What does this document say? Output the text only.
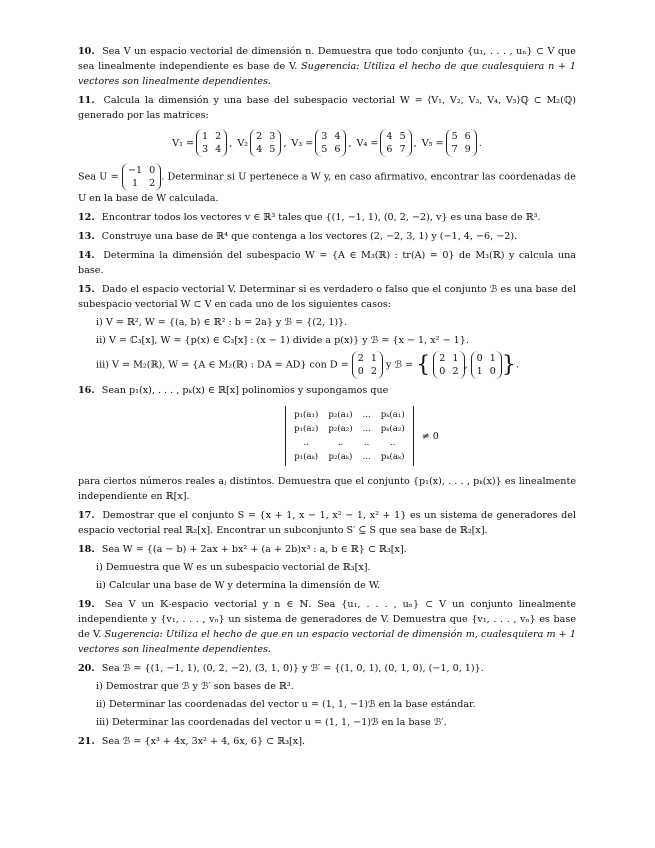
10. Sea V un espacio vectorial de dimensión n. Demuestra que todo conjunto {u₁, . . . , uₙ} ⊂ V que sea linealmente independiente es base de V. Sugerencia: Utiliza el hecho de que cualesquiera n + 1 vectores son linealmente dependientes.

11. Calcula la dimensión y una base del subespacio vectorial W = ⟨V₁, V₂, V₃, V₄, V₅⟩ℚ ⊂ M₂(ℚ) generado por las matrices:
V₁ =
1 2
3 4
, V₂
2 3
4 5
, V₃ =
3 4
5 6
, V₄ =
4 5
6 7
, V₅ =
5 6
7 9
.
Sea U =
−1 0
1	2
. Determinar si U pertenece a W y, en caso afirmativo, encontrar las coordenadas de U en la base de W calculada.

12. Encontrar todos los vectores v ∈ ℝ³ tales que {(1, −1, 1), (0, 2, −2), v} es una base de ℝ³.

13. Construye una base de ℝ⁴ que contenga a los vectores (2, −2, 3, 1) y (−1, 4, −6, −2).

14. Determina la dimensión del subespacio W = {A ∈ M₃(ℝ) : tr(A) = 0} de M₃(ℝ) y calcula una base.

15. Dado el espacio vectorial V. Determinar si es verdadero o falso que el conjunto ℬ es una base del subespacio vectorial W ⊂ V en cada uno de los siguientes casos:
i) V = ℝ², W = {(a, b) ∈ ℝ² : b = 2a} y ℬ = {(2, 1)}.
ii) V = ℂ₃[x], W = {p(x) ∈ ℂ₃[x] : (x − 1) divide a p(x)} y ℬ = {x − 1, x² − 1}.
iii) V = M₂(ℝ), W = {A ∈ M₂(ℝ) : DA = AD} con D =
2 1
0 2
y ℬ = { 2 1
0 2
,
0 1
1 0 }.
16. Sean p₁(x), . . . , pₖ(x) ∈ ℝ[x] polinomios y supongamos que
p₁(a₁) p₂(a₁) ... pₖ(a₁)
p₁(a₂) p₂(a₂) ... pₖ(a₂)
..	..	..	..
p₁(aₖ) p₂(aₖ) ... pₖ(aₖ)
≠ 0
para ciertos números reales aⱼ distintos. Demuestra que el conjunto {p₁(x), . . . , pₖ(x)} es linealmente independiente en ℝ[x].

17. Demostrar que el conjunto S = {x + 1, x − 1, x² − 1, x² + 1} es un sistema de generadores del espacio vectorial real ℝ₂[x]. Encontrar un subconjunto S′ ⊆ S que sea base de ℝ₂[x].

18. Sea W = {(a − b) + 2ax + bx² + (a + 2b)x³ : a, b ∈ ℝ} ⊂ ℝ₃[x].
i) Demuestra que W es un subespacio vectorial de ℝ₃[x].
ii) Calcular una base de W y determina la dimensión de W.

19. Sea V un 𝕂-espacio vectorial y n ∈ ℕ. Sea {u₁, . . . , uₙ} ⊂ V un conjunto linealmente independiente y {v₁, . . . , vₙ} un sistema de generadores de V. Demuestra que {v₁, . . . , vₙ} es base de V. Sugerencia: Utiliza el hecho de que en un espacio vectorial de dimensión m, cualesquiera m + 1 vectores son linealmente dependientes.

20. Sea ℬ = {(1, −1, 1), (0, 2, −2), (3, 1, 0)} y ℬ′ = {(1, 0, 1), (0, 1, 0), (−1, 0, 1)}.
i) Demostrar que ℬ y ℬ′ son bases de ℝ³.
ii) Determinar las coordenadas del vector u = (1, 1, −1)ℬ en la base estándar.
iii) Determinar las coordenadas del vector u = (1, 1, −1)ℬ en la base ℬ′.

21. Sea ℬ = {x³ + 4x, 3x² + 4, 6x, 6} ⊂ ℝ₃[x].
